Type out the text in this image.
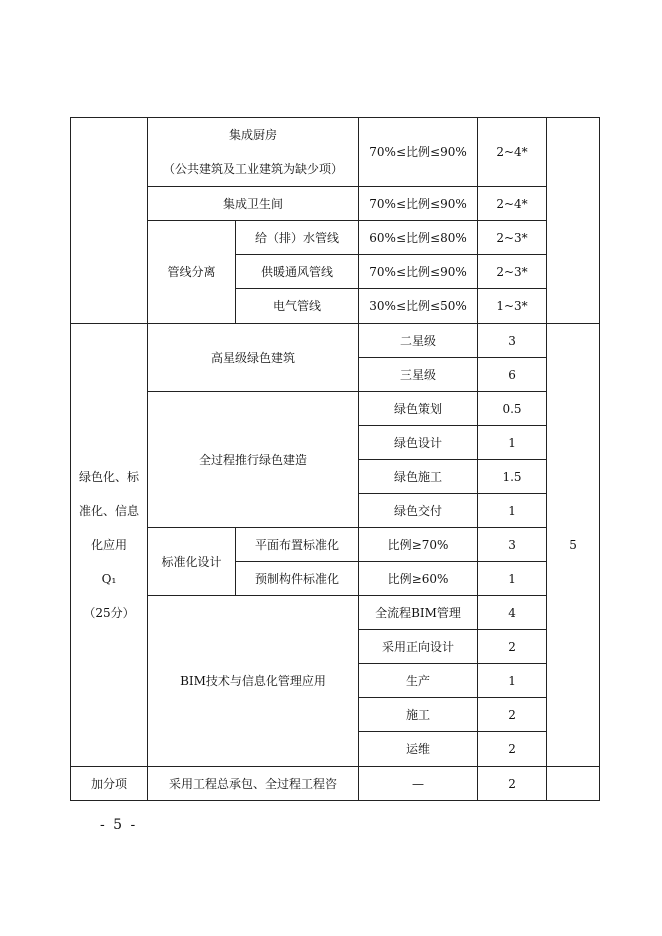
	集成厨房
（公共建筑及工业建筑为缺少项）		70%≤比例≤90%	2~4*	
	集成卫生间		70%≤比例≤90%	2~4*	
	管线分离	给（排）水管线	60%≤比例≤80%	2~3*	
		供暖通风管线	70%≤比例≤90%	2~3*	
		电气管线	30%≤比例≤50%	1~3*	

绿色化、标
准化、信息
化应用
Q₁
（25分）	高星级绿色建筑		二星级	3	5
			三星级	6	
	全过程推行绿色建造		绿色策划	0.5	
			绿色设计	1	
			绿色施工	1.5	
			绿色交付	1	
	标准化设计	平面布置标准化	比例≥70%	3	
		预制构件标准化	比例≥60%	1	
	BIM技术与信息化管理应用		全流程BIM管理	4	
			采用正向设计	2	
			生产	1	
			施工	2	
			运维	2	
加分项	采用工程总承包、全过程工程咨		—	2	
- 5 -
